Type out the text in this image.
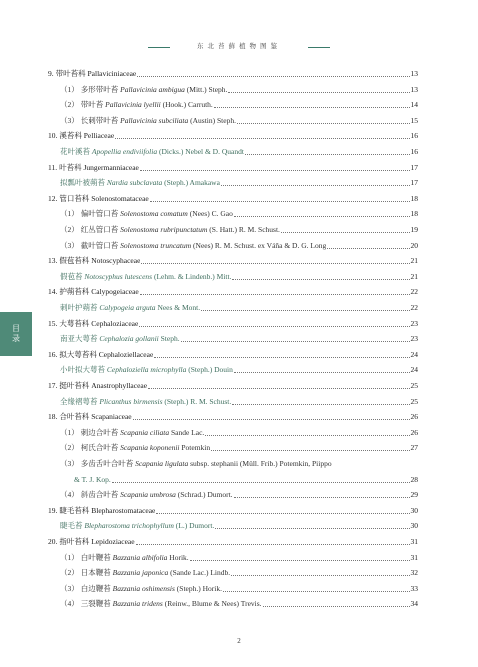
东北苔藓植物图鉴
目录
9. 带叶苔科 Pallaviciniaceae	13
（1） 多形带叶苔 Pallavicinia ambigua (Mitt.) Steph.	13
（2） 带叶苔 Pallavicinia lyellii (Hook.) Carruth.	14
（3） 长刺带叶苔 Pallavicinia subciliata (Austin) Steph.	15
10. 溪苔科 Pelliaceae	16
花叶溪苔 Apopellia endiviifolia (Dicks.) Nebel & D. Quandt	16
11. 叶苔科 Jungermanniaceae	17
拟瓢叶被蒴苔 Nardia subclavata (Steph.) Amakawa	17
12. 管口苔科 Solenostomataceae	18
（1） 偏叶管口苔 Solenostoma comatum (Nees) C. Gao	18
（2） 红丛管口苔 Solenostoma rubripunctatum (S. Hatt.) R. M. Schust.	19
（3） 截叶管口苔 Solenostoma truncatum (Nees) R. M. Schust. ex Váňa & D. G. Long	20
13. 假苞苔科 Notoscyphaceae	21
假苞苔 Notoscyphus lutescens (Lehm. & Lindenb.) Mitt.	21
14. 护蒴苔科 Calypogeiaceae	22
刺叶护蒴苔 Calypogeia arguta Nees & Mont.	22
15. 大萼苔科 Cephaloziaceae	23
南亚大萼苔 Cephalozia gollanii Steph.	23
16. 拟大萼苔科 Cephaloziellaceae	24
小叶拟大萼苔 Cephaloziella microphylla (Steph.) Douin	24
17. 挺叶苔科 Anastrophyllaceae	25
全缘褶萼苔 Plicanthus birmensis (Steph.) R. M. Schust.	25
18. 合叶苔科 Scapaniaceae	26
（1） 刺边合叶苔 Scapania ciliata Sande Lac.	26
（2） 柯氏合叶苔 Scapania koponenii Potemkin	27
（3） 多齿舌叶合叶苔 Scapania ligulata subsp. stephanii (Müll. Frib.) Potemkin, Piippo
& T. J. Kop.	28
（4） 斜齿合叶苔 Scapania umbrosa (Schrad.) Dumort.	29
19. 睫毛苔科 Blepharostomataceae	30
睫毛苔 Blepharostoma trichophyllum (L.) Dumort.	30
20. 指叶苔科 Lepidoziaceae	31
（1） 白叶鞭苔 Bazzania albifolia Horik.	31
（2） 日本鞭苔 Bazzania japonica (Sande Lac.) Lindb.	32
（3） 白边鞭苔 Bazzania oshimensis (Steph.) Horik.	33
（4） 三裂鞭苔 Bazzania tridens (Reinw., Blume & Nees) Trevis.	34
2
